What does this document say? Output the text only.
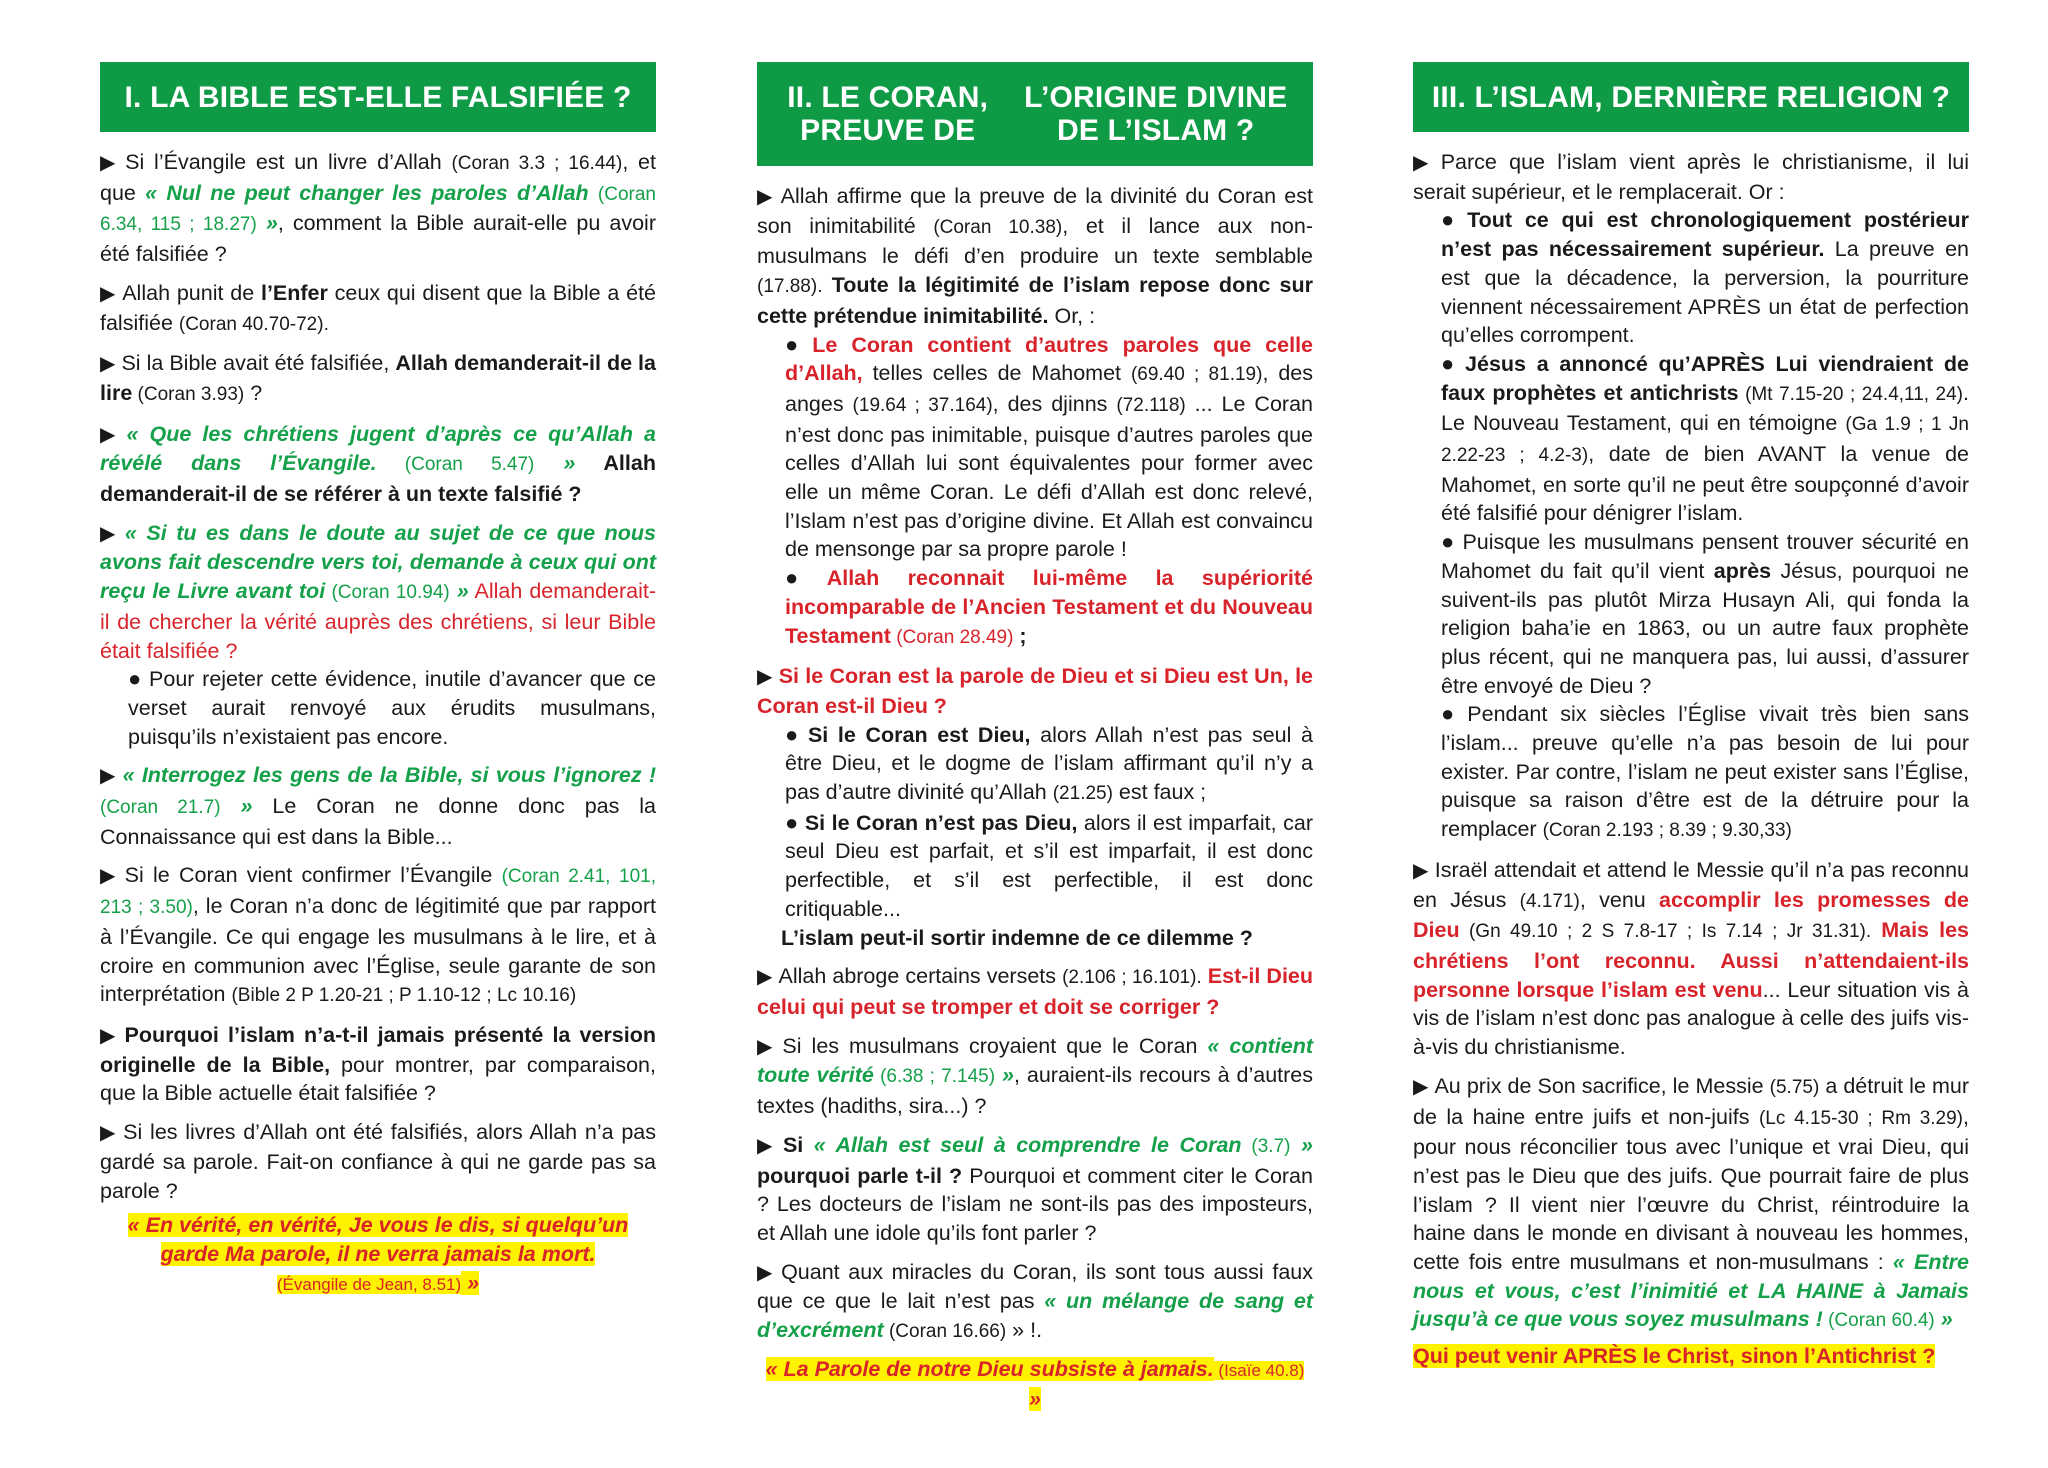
I. LA BIBLE EST-ELLE FALSIFIÉE ?

▶ Si l’Évangile est un livre d’Allah (Coran 3.3 ; 16.44), et que « Nul ne peut changer les paroles d’Allah (Coran 6.34, 115 ; 18.27) », comment la Bible aurait-elle pu avoir été falsifiée ?

▶ Allah punit de l’Enfer ceux qui disent que la Bible a été falsifiée (Coran 40.70-72).

▶ Si la Bible avait été falsifiée, Allah demanderait-il de la lire (Coran 3.93) ?

▶ « Que les chrétiens jugent d’après ce qu’Allah a révélé dans l’Évangile. (Coran 5.47) » Allah demanderait-il de se référer à un texte falsifié ?

▶ « Si tu es dans le doute au sujet de ce que nous avons fait descendre vers toi, demande à ceux qui ont reçu le Livre avant toi (Coran 10.94) » Allah demanderait-il de chercher la vérité auprès des chrétiens, si leur Bible était falsifiée ?

● Pour rejeter cette évidence, inutile d’avancer que ce verset aurait renvoyé aux érudits musulmans, puisqu’ils n’existaient pas encore.

▶ « Interrogez les gens de la Bible, si vous l’ignorez ! (Coran 21.7) » Le Coran ne donne donc pas la Connaissance qui est dans la Bible...

▶ Si le Coran vient confirmer l’Évangile (Coran 2.41, 101, 213 ; 3.50), le Coran n’a donc de légitimité que par rapport à l’Évangile. Ce qui engage les musulmans à le lire, et à croire en communion avec l’Église, seule garante de son interprétation (Bible 2 P 1.20-21 ; P 1.10-12 ; Lc 10.16)

▶ Pourquoi l’islam n’a-t-il jamais présenté la version originelle de la Bible, pour montrer, par comparaison, que la Bible actuelle était falsifiée ?

▶ Si les livres d’Allah ont été falsifiés, alors Allah n’a pas gardé sa parole. Fait-on confiance à qui ne garde pas sa parole ?

« En vérité, en vérité, Je vous le dis, si quelqu’un
garde Ma parole, il ne verra jamais la mort.
(Évangile de Jean, 8.51) »
II. LE CORAN, PREUVE DE

L’ORIGINE DIVINE DE L’ISLAM ?

▶ Allah affirme que la preuve de la divinité du Coran est son inimitabilité (Coran 10.38), et il lance aux non-musulmans le défi d’en produire un texte semblable (17.88). Toute la légitimité de l’islam repose donc sur cette prétendue inimitabilité. Or, :

● Le Coran contient d’autres paroles que celle d’Allah, telles celles de Mahomet (69.40 ; 81.19), des anges (19.64 ; 37.164), des djinns (72.118) ... Le Coran n’est donc pas inimitable, puisque d’autres paroles que celles d’Allah lui sont équivalentes pour former avec elle un même Coran. Le défi d’Allah est donc relevé, l’Islam n’est pas d’origine divine. Et Allah est convaincu de mensonge par sa propre parole !

● Allah reconnait lui-même la supériorité incomparable de l’Ancien Testament et du Nouveau Testament (Coran 28.49) ;

▶ Si le Coran est la parole de Dieu et si Dieu est Un, le Coran est-il Dieu ?

● Si le Coran est Dieu, alors Allah n’est pas seul à être Dieu, et le dogme de l’islam affirmant qu’il n’y a pas d’autre divinité qu’Allah (21.25) est faux ;

● Si le Coran n’est pas Dieu, alors il est imparfait, car seul Dieu est parfait, et s’il est imparfait, il est donc perfectible, et s’il est perfectible, il est donc critiquable...

L’islam peut-il sortir indemne de ce dilemme ?

▶ Allah abroge certains versets (2.106 ; 16.101). Est-il Dieu celui qui peut se tromper et doit se corriger ?

▶ Si les musulmans croyaient que le Coran « contient toute vérité (6.38 ; 7.145) », auraient-ils recours à d’autres textes (hadiths, sira...) ?

▶ Si « Allah est seul à comprendre le Coran (3.7) » pourquoi parle t-il ? Pourquoi et comment citer le Coran ? Les docteurs de l’islam ne sont-ils pas des imposteurs, et Allah une idole qu’ils font parler ?

▶ Quant aux miracles du Coran, ils sont tous aussi faux que ce que le lait n’est pas « un mélange de sang et d’excrément (Coran 16.66) » !.

« La Parole de notre Dieu subsiste à jamais. (Isaïe 40.8) »
III. L’ISLAM, DERNIÈRE RELIGION ?

▶ Parce que l’islam vient après le christianisme, il lui serait supérieur, et le remplacerait. Or :

● Tout ce qui est chronologiquement postérieur n’est pas nécessairement supérieur. La preuve en est que la décadence, la perversion, la pourriture viennent nécessairement APRÈS un état de perfection qu’elles corrompent.

● Jésus a annoncé qu’APRÈS Lui viendraient de faux prophètes et antichrists (Mt 7.15-20 ; 24.4,11, 24). Le Nouveau Testament, qui en témoigne (Ga 1.9 ; 1 Jn 2.22-23 ; 4.2-3), date de bien AVANT la venue de Mahomet, en sorte qu’il ne peut être soupçonné d’avoir été falsifié pour dénigrer l’islam.

● Puisque les musulmans pensent trouver sécurité en Mahomet du fait qu’il vient après Jésus, pourquoi ne suivent-ils pas plutôt Mirza Husayn Ali, qui fonda la religion baha’ie en 1863, ou un autre faux prophète plus récent, qui ne manquera pas, lui aussi, d’assurer être envoyé de Dieu ?

● Pendant six siècles l’Église vivait très bien sans l’islam... preuve qu’elle n’a pas besoin de lui pour exister. Par contre, l’islam ne peut exister sans l’Église, puisque sa raison d’être est de la détruire pour la remplacer (Coran 2.193 ; 8.39 ; 9.30,33)

▶ Israël attendait et attend le Messie qu’il n’a pas reconnu en Jésus (4.171), venu accomplir les promesses de Dieu (Gn 49.10 ; 2 S 7.8-17 ; Is 7.14 ; Jr 31.31). Mais les chrétiens l’ont reconnu. Aussi n’attendaient-ils personne lorsque l’islam est venu... Leur situation vis à vis de l’islam n’est donc pas analogue à celle des juifs vis-à-vis du christianisme.

▶ Au prix de Son sacrifice, le Messie (5.75) a détruit le mur de la haine entre juifs et non-juifs (Lc 4.15-30 ; Rm 3.29), pour nous réconcilier tous avec l’unique et vrai Dieu, qui n’est pas le Dieu que des juifs. Que pourrait faire de plus l’islam ? Il vient nier l’œuvre du Christ, réintroduire la haine dans le monde en divisant à nouveau les hommes, cette fois entre musulmans et non-musulmans : « Entre nous et vous, c’est l’inimitié et LA HAINE à Jamais jusqu’à ce que vous soyez musulmans ! (Coran 60.4) »

Qui peut venir APRÈS le Christ, sinon l’Antichrist ?
